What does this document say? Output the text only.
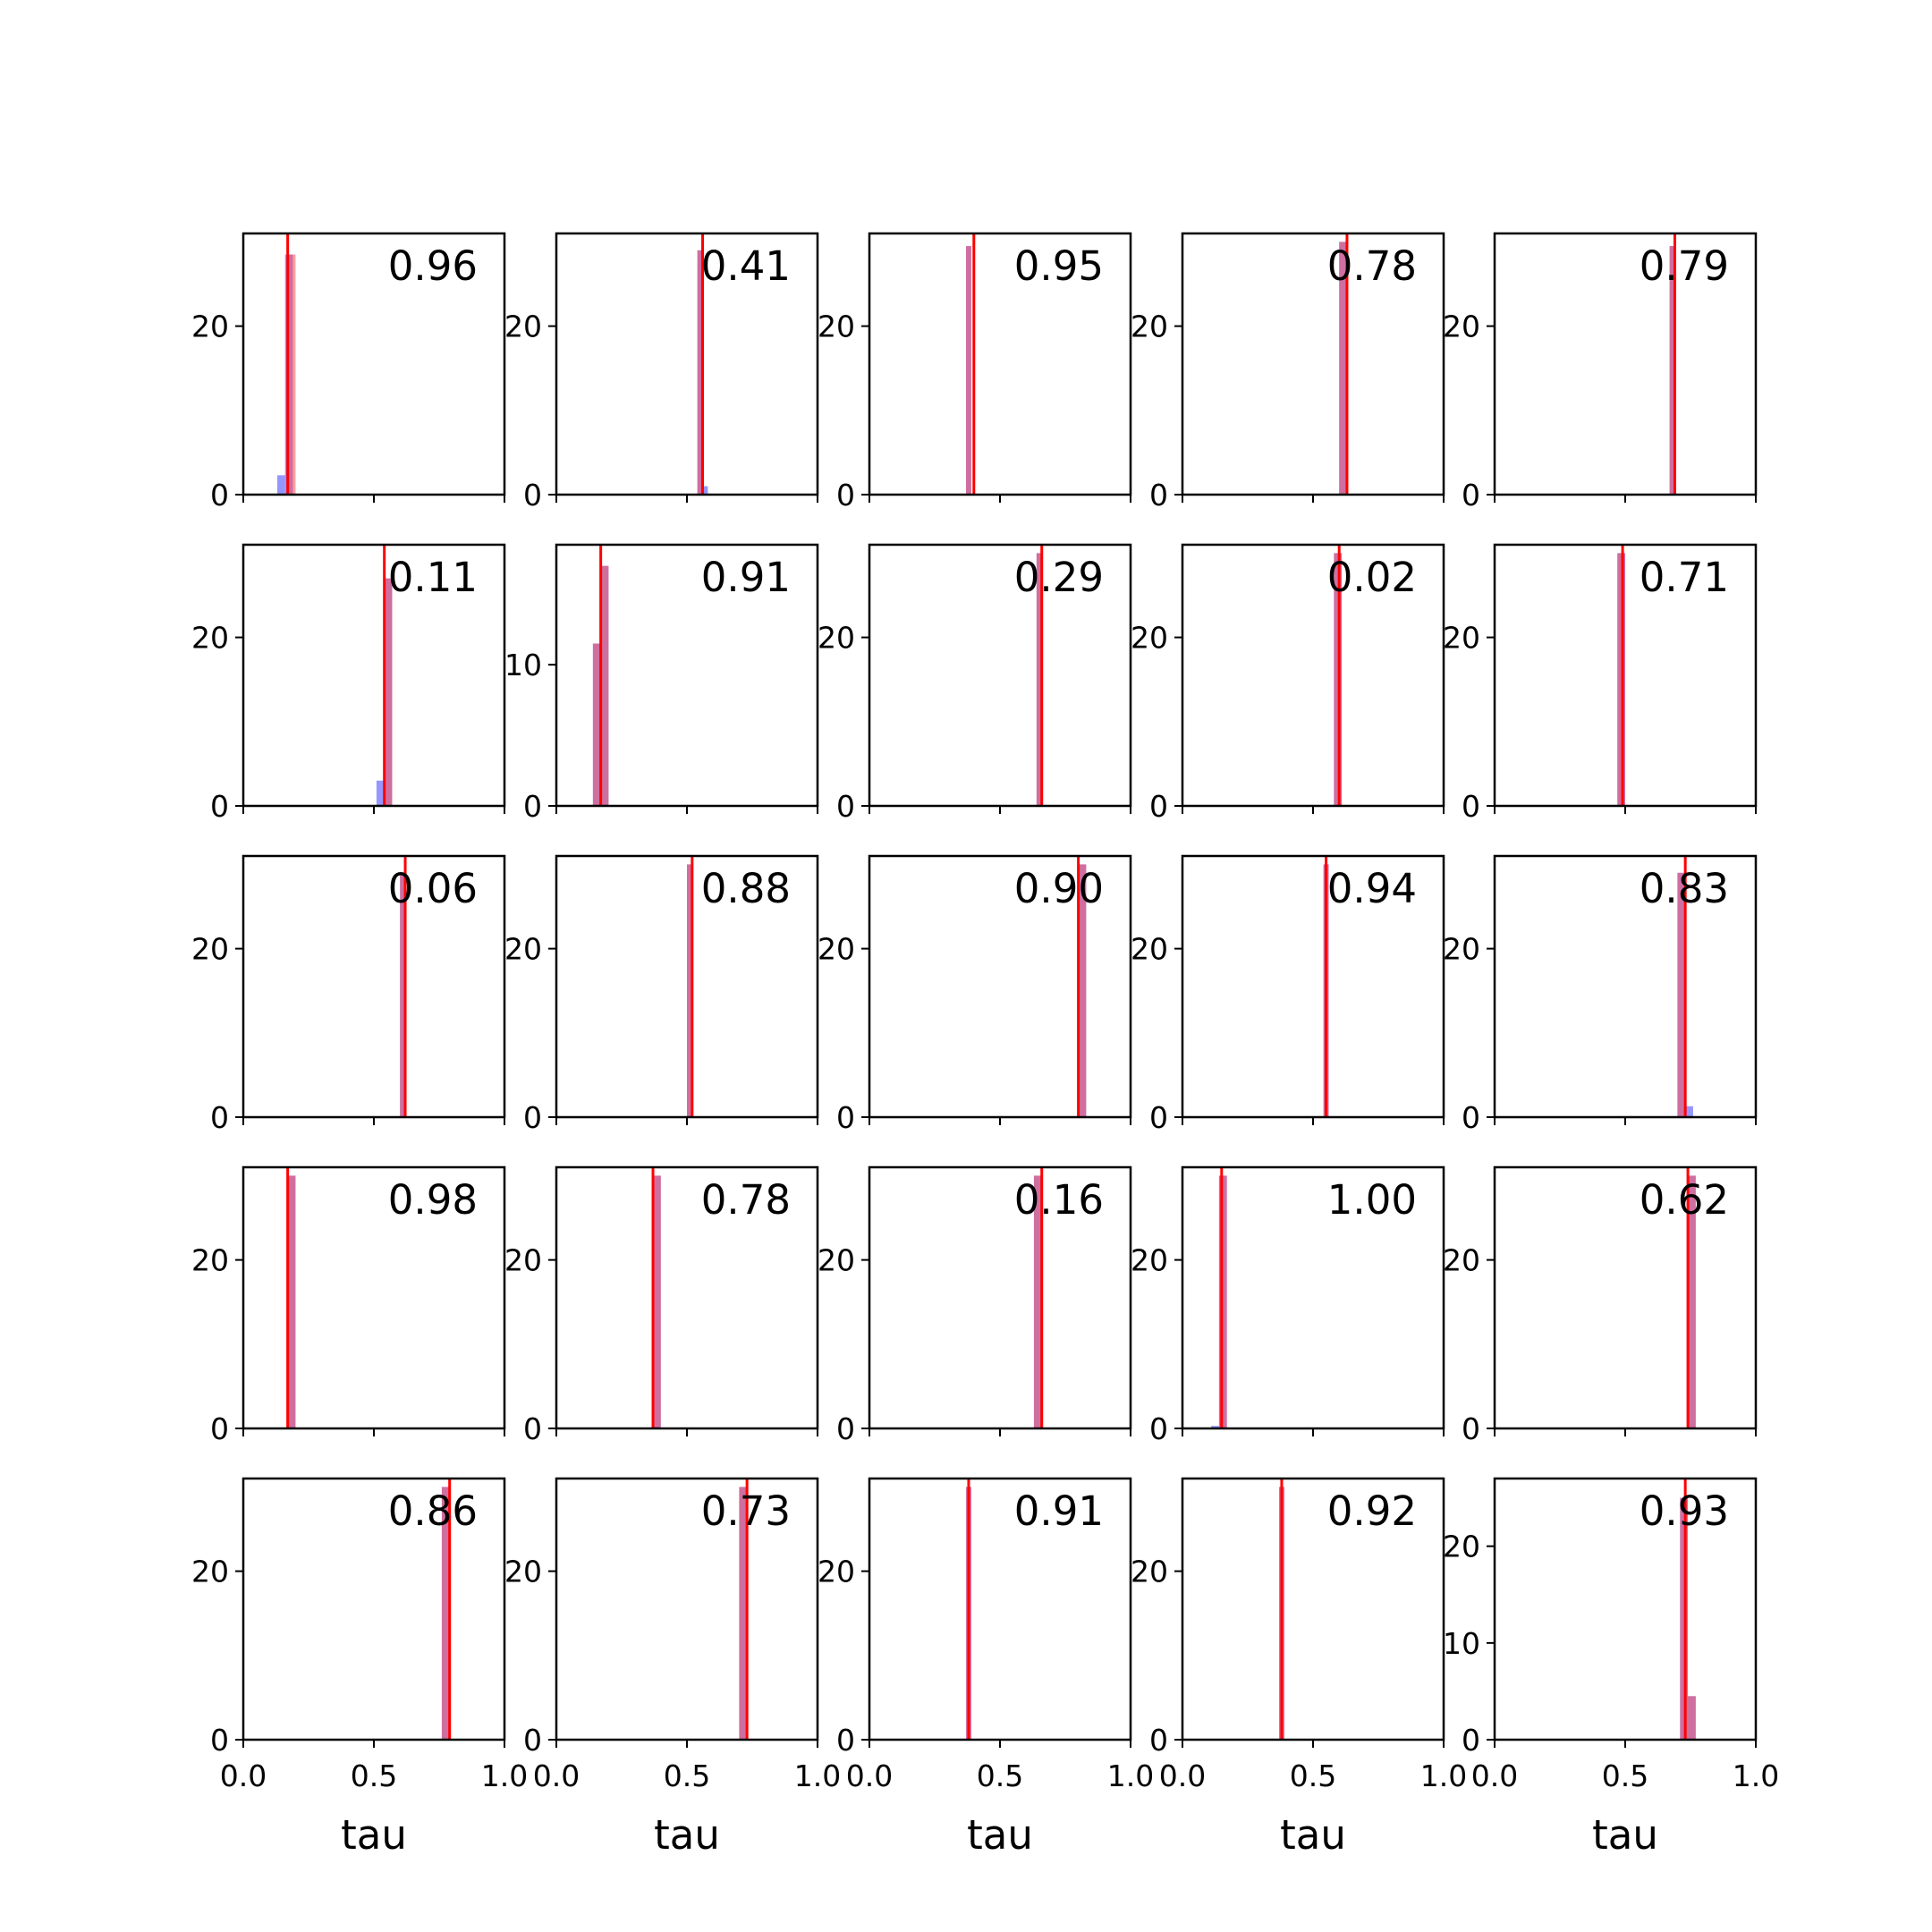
0
20
0.96
0
20
0.41
0
20
0.95
0
20
0.78
0
20
0.79
0
20
0.11
0
10
0.91
0
20
0.29
0
20
0.02
0
20
0.71
0
20
0.06
0
20
0.88
0
20
0.90
0
20
0.94
0
20
0.83
0
20
0.98
0
20
0.78
0
20
0.16
0
20
1.00
0
20
0.62
0
20
0.0	0.5	1.0
0.86
tau
0
20
0.0	0.5	1.0
0.73
tau
0
20
0.0	0.5	1.0
0.91
tau
0
20
0.0	0.5	1.0
0.92
tau
0
10
20
0.0	0.5	1.0
0.93
tau
